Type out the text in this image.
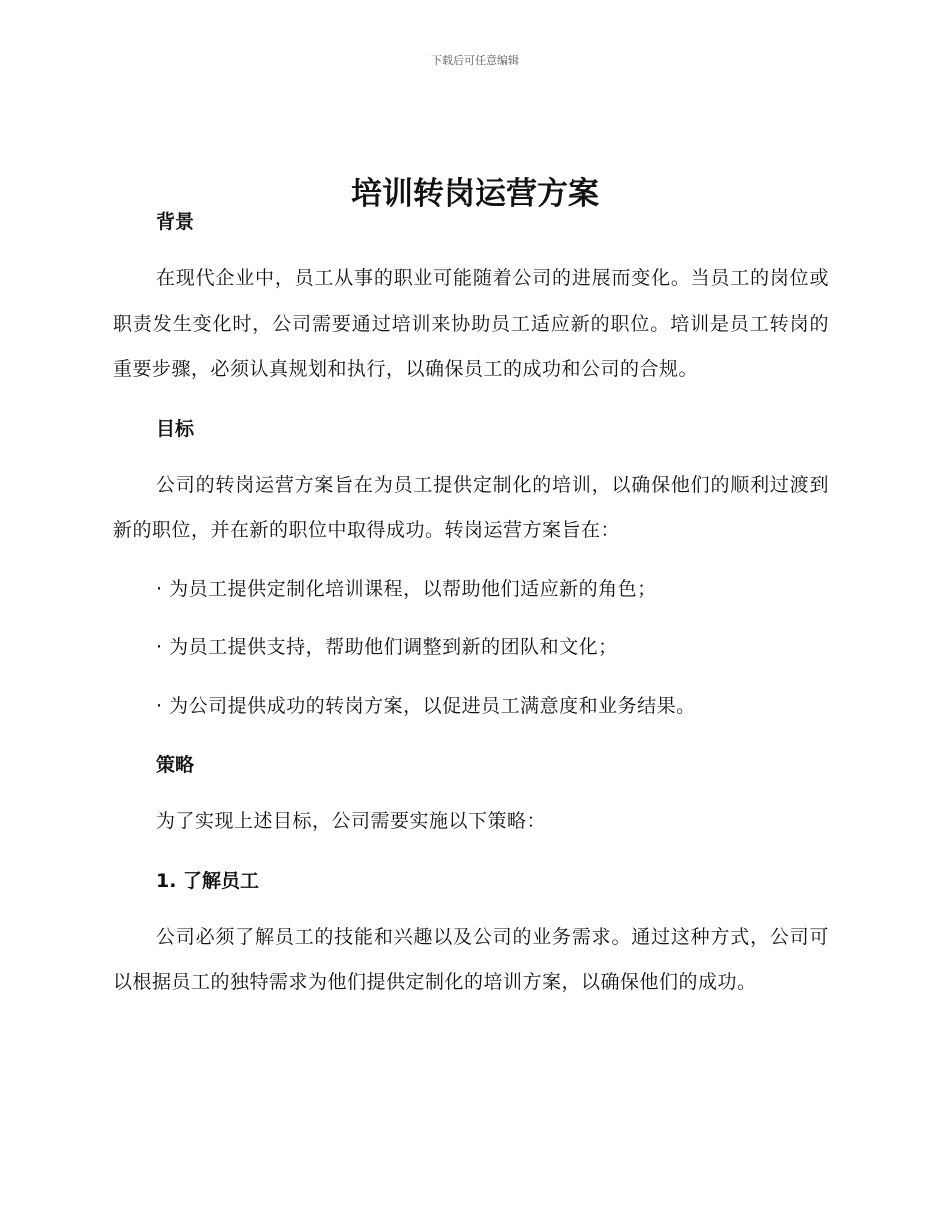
下载后可任意编辑
培训转岗运营方案

背景

在现代企业中，员工从事的职业可能随着公司的进展而变化。当员工的岗位或职责发生变化时，公司需要通过培训来协助员工适应新的职位。培训是员工转岗的重要步骤，必须认真规划和执行，以确保员工的成功和公司的合规。

目标

公司的转岗运营方案旨在为员工提供定制化的培训，以确保他们的顺利过渡到新的职位，并在新的职位中取得成功。转岗运营方案旨在：

· 为员工提供定制化培训课程，以帮助他们适应新的角色；

· 为员工提供支持，帮助他们调整到新的团队和文化；

· 为公司提供成功的转岗方案，以促进员工满意度和业务结果。

策略

为了实现上述目标，公司需要实施以下策略：

1. 了解员工

公司必须了解员工的技能和兴趣以及公司的业务需求。通过这种方式，公司可以根据员工的独特需求为他们提供定制化的培训方案，以确保他们的成功。
